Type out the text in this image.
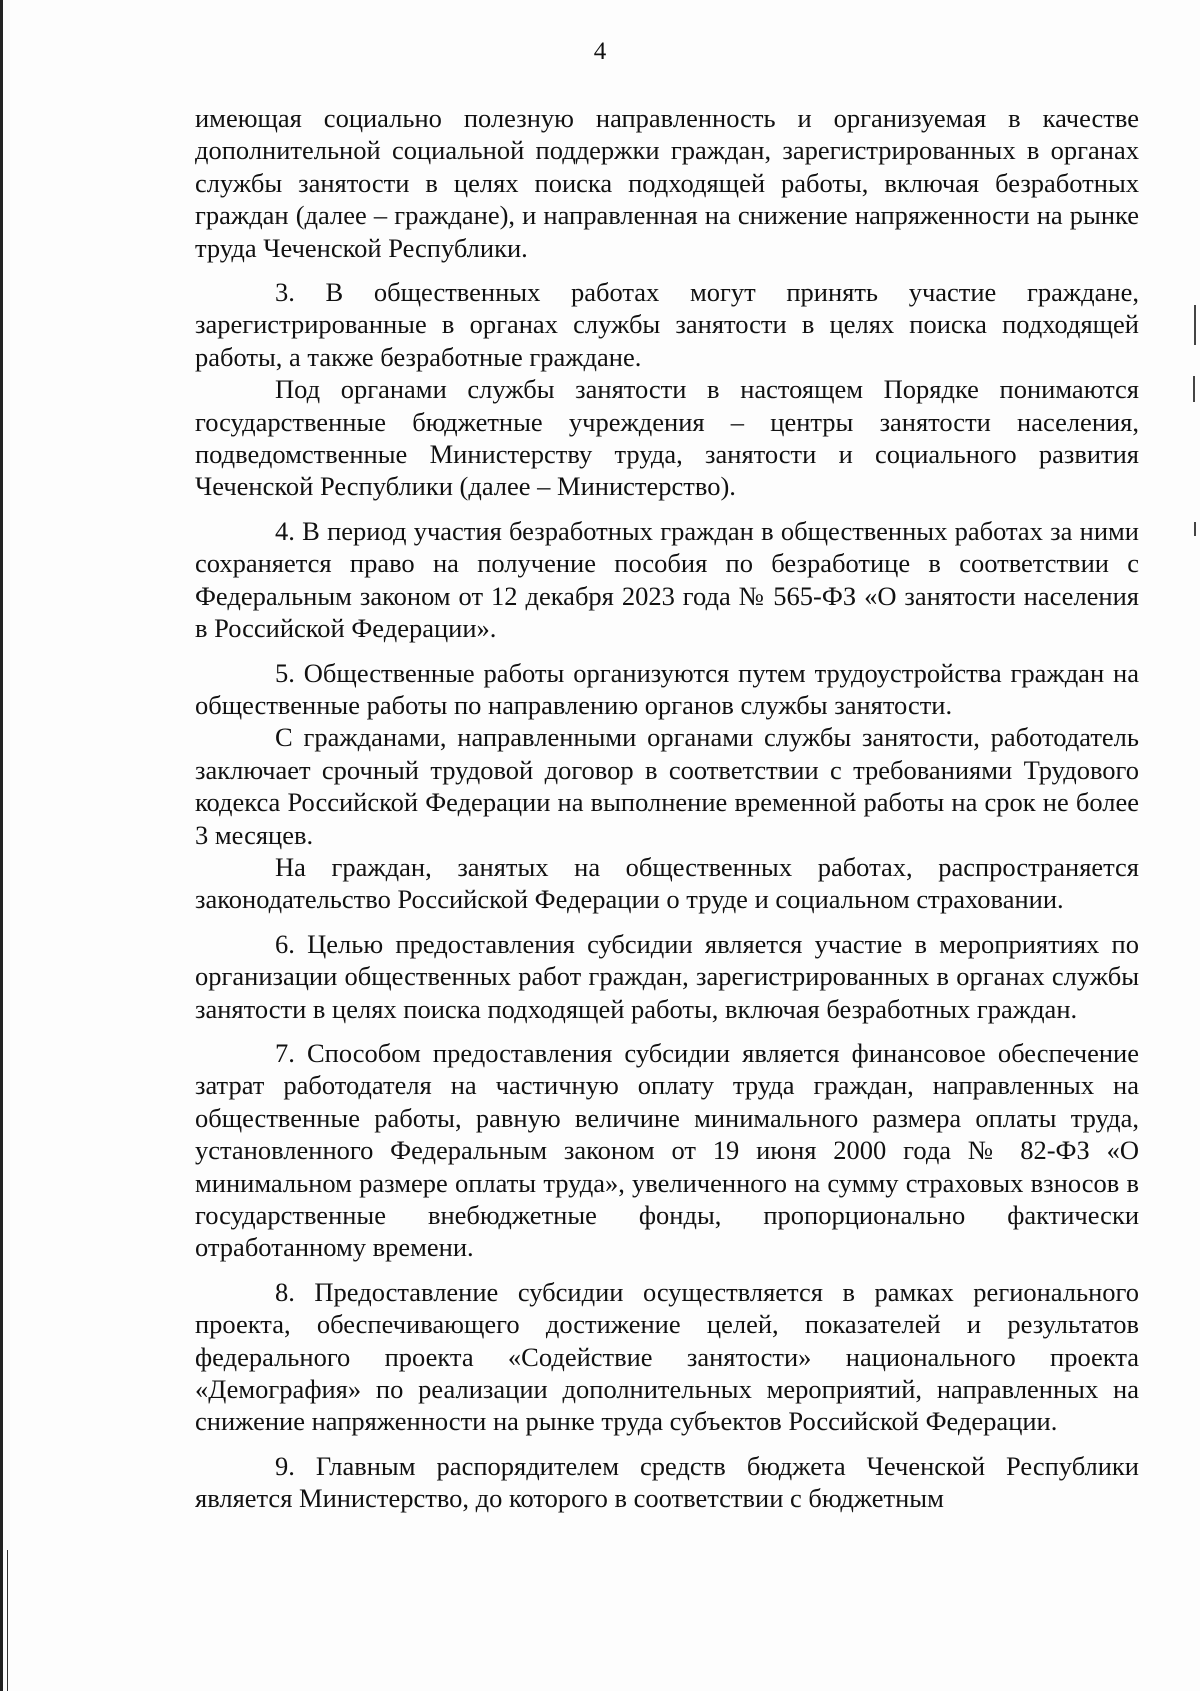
4

имеющая социально полезную направленность и организуемая в качестве дополнительной социальной поддержки граждан, зарегистрированных в органах службы занятости в целях поиска подходящей работы, включая безработных граждан (далее – граждане), и направленная на снижение напряженности на рынке труда Чеченской Республики.

3. В общественных работах могут принять участие граждане, зарегистрированные в органах службы занятости в целях поиска подходящей работы, а также безработные граждане.

Под органами службы занятости в настоящем Порядке понимаются государственные бюджетные учреждения – центры занятости населения, подведомственные Министерству труда, занятости и социального развития Чеченской Республики (далее – Министерство).

4. В период участия безработных граждан в общественных работах за ними сохраняется право на получение пособия по безработице в соответствии с Федеральным законом от 12 декабря 2023 года № 565-ФЗ «О занятости населения в Российской Федерации».

5. Общественные работы организуются путем трудоустройства граждан на общественные работы по направлению органов службы занятости.

С гражданами, направленными органами службы занятости, работодатель заключает срочный трудовой договор в соответствии с требованиями Трудового кодекса Российской Федерации на выполнение временной работы на срок не более 3 месяцев.

На граждан, занятых на общественных работах, распространяется законодательство Российской Федерации о труде и социальном страховании.

6. Целью предоставления субсидии является участие в мероприятиях по организации общественных работ граждан, зарегистрированных в органах службы занятости в целях поиска подходящей работы, включая безработных граждан.

7. Способом предоставления субсидии является финансовое обеспечение затрат работодателя на частичную оплату труда граждан, направленных на общественные работы, равную величине минимального размера оплаты труда, установленного Федеральным законом от 19 июня 2000 года № 82-ФЗ «О минимальном размере оплаты труда», увеличенного на сумму страховых взносов в государственные внебюджетные фонды, пропорционально фактически отработанному времени.

8. Предоставление субсидии осуществляется в рамках регионального проекта, обеспечивающего достижение целей, показателей и результатов федерального проекта «Содействие занятости» национального проекта «Демография» по реализации дополнительных мероприятий, направленных на снижение напряженности на рынке труда субъектов Российской Федерации.

9. Главным распорядителем средств бюджета Чеченской Республики является Министерство, до которого в соответствии с бюджетным
